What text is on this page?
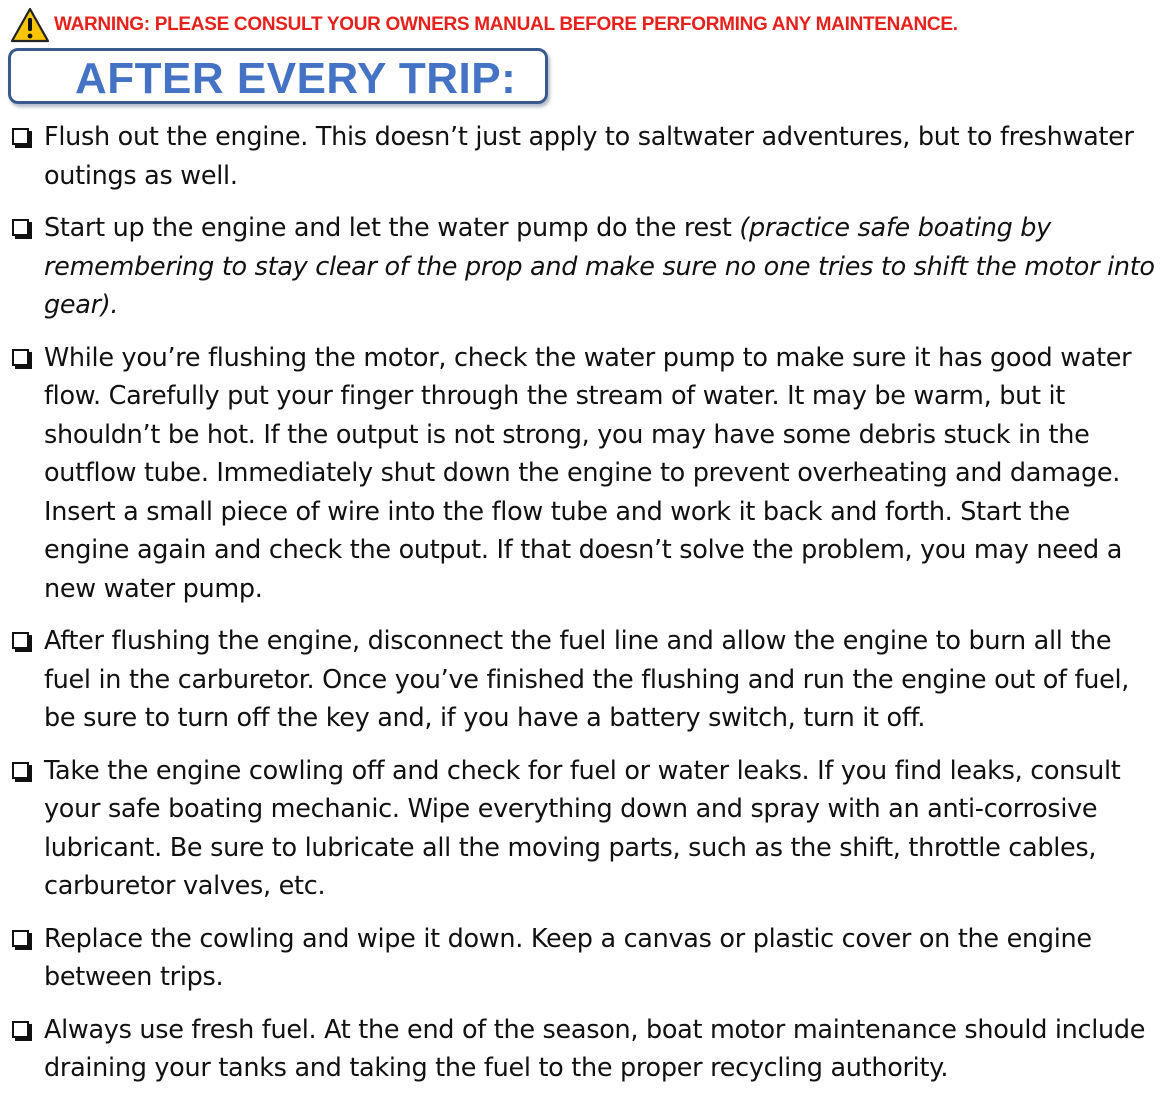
WARNING: PLEASE CONSULT YOUR OWNERS MANUAL BEFORE PERFORMING ANY MAINTENANCE.
AFTER EVERY TRIP:
Flush out the engine. This doesn’t just apply to saltwater adventures, but to freshwater outings as well.
Start up the engine and let the water pump do the rest (practice safe boating by remembering to stay clear of the prop and make sure no one tries to shift the motor into gear).
While you’re flushing the motor, check the water pump to make sure it has good water flow. Carefully put your finger through the stream of water. It may be warm, but it shouldn’t be hot. If the output is not strong, you may have some debris stuck in the outflow tube. Immediately shut down the engine to prevent overheating and damage. Insert a small piece of wire into the flow tube and work it back and forth. Start the engine again and check the output. If that doesn’t solve the problem, you may need a new water pump.
After flushing the engine, disconnect the fuel line and allow the engine to burn all the fuel in the carburetor. Once you’ve finished the flushing and run the engine out of fuel, be sure to turn off the key and, if you have a battery switch, turn it off.
Take the engine cowling off and check for fuel or water leaks. If you find leaks, consult your safe boating mechanic. Wipe everything down and spray with an anti-corrosive lubricant. Be sure to lubricate all the moving parts, such as the shift, throttle cables, carburetor valves, etc.
Replace the cowling and wipe it down. Keep a canvas or plastic cover on the engine between trips.
Always use fresh fuel. At the end of the season, boat motor maintenance should include draining your tanks and taking the fuel to the proper recycling authority.
